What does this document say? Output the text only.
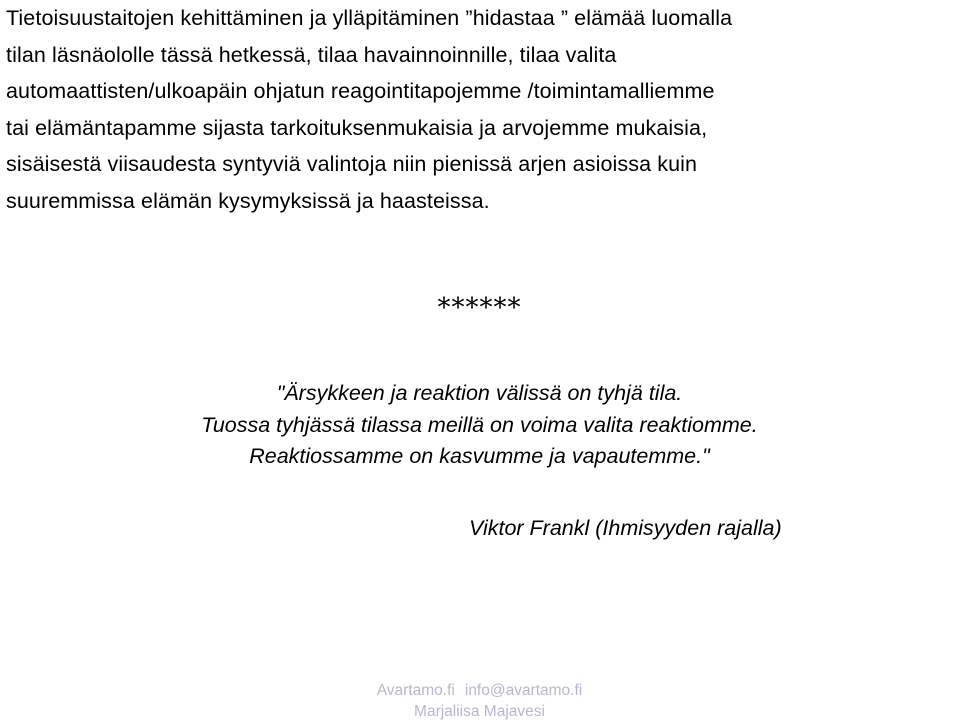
Tietoisuustaitojen kehittäminen ja ylläpitäminen ”hidastaa ” elämää luomalla
tilan läsnäololle tässä hetkessä, tilaa havainnoinnille, tilaa valita
automaattisten/ulkoapäin ohjatun reagointitapojemme /toimintamalliemme
tai elämäntapamme sijasta tarkoituksenmukaisia ja arvojemme mukaisia,
sisäisestä viisaudesta syntyviä valintoja niin pienissä arjen asioissa kuin
suuremmissa elämän kysymyksissä ja haasteissa.

******

"Ärsykkeen ja reaktion välissä on tyhjä tila.
Tuossa tyhjässä tilassa meillä on voima valita reaktiomme.
Reaktiossamme on kasvumme ja vapautemme."

Viktor Frankl (Ihmisyyden rajalla)

Avartamo.fi info@avartamo.fi
Marjaliisa Majavesi
